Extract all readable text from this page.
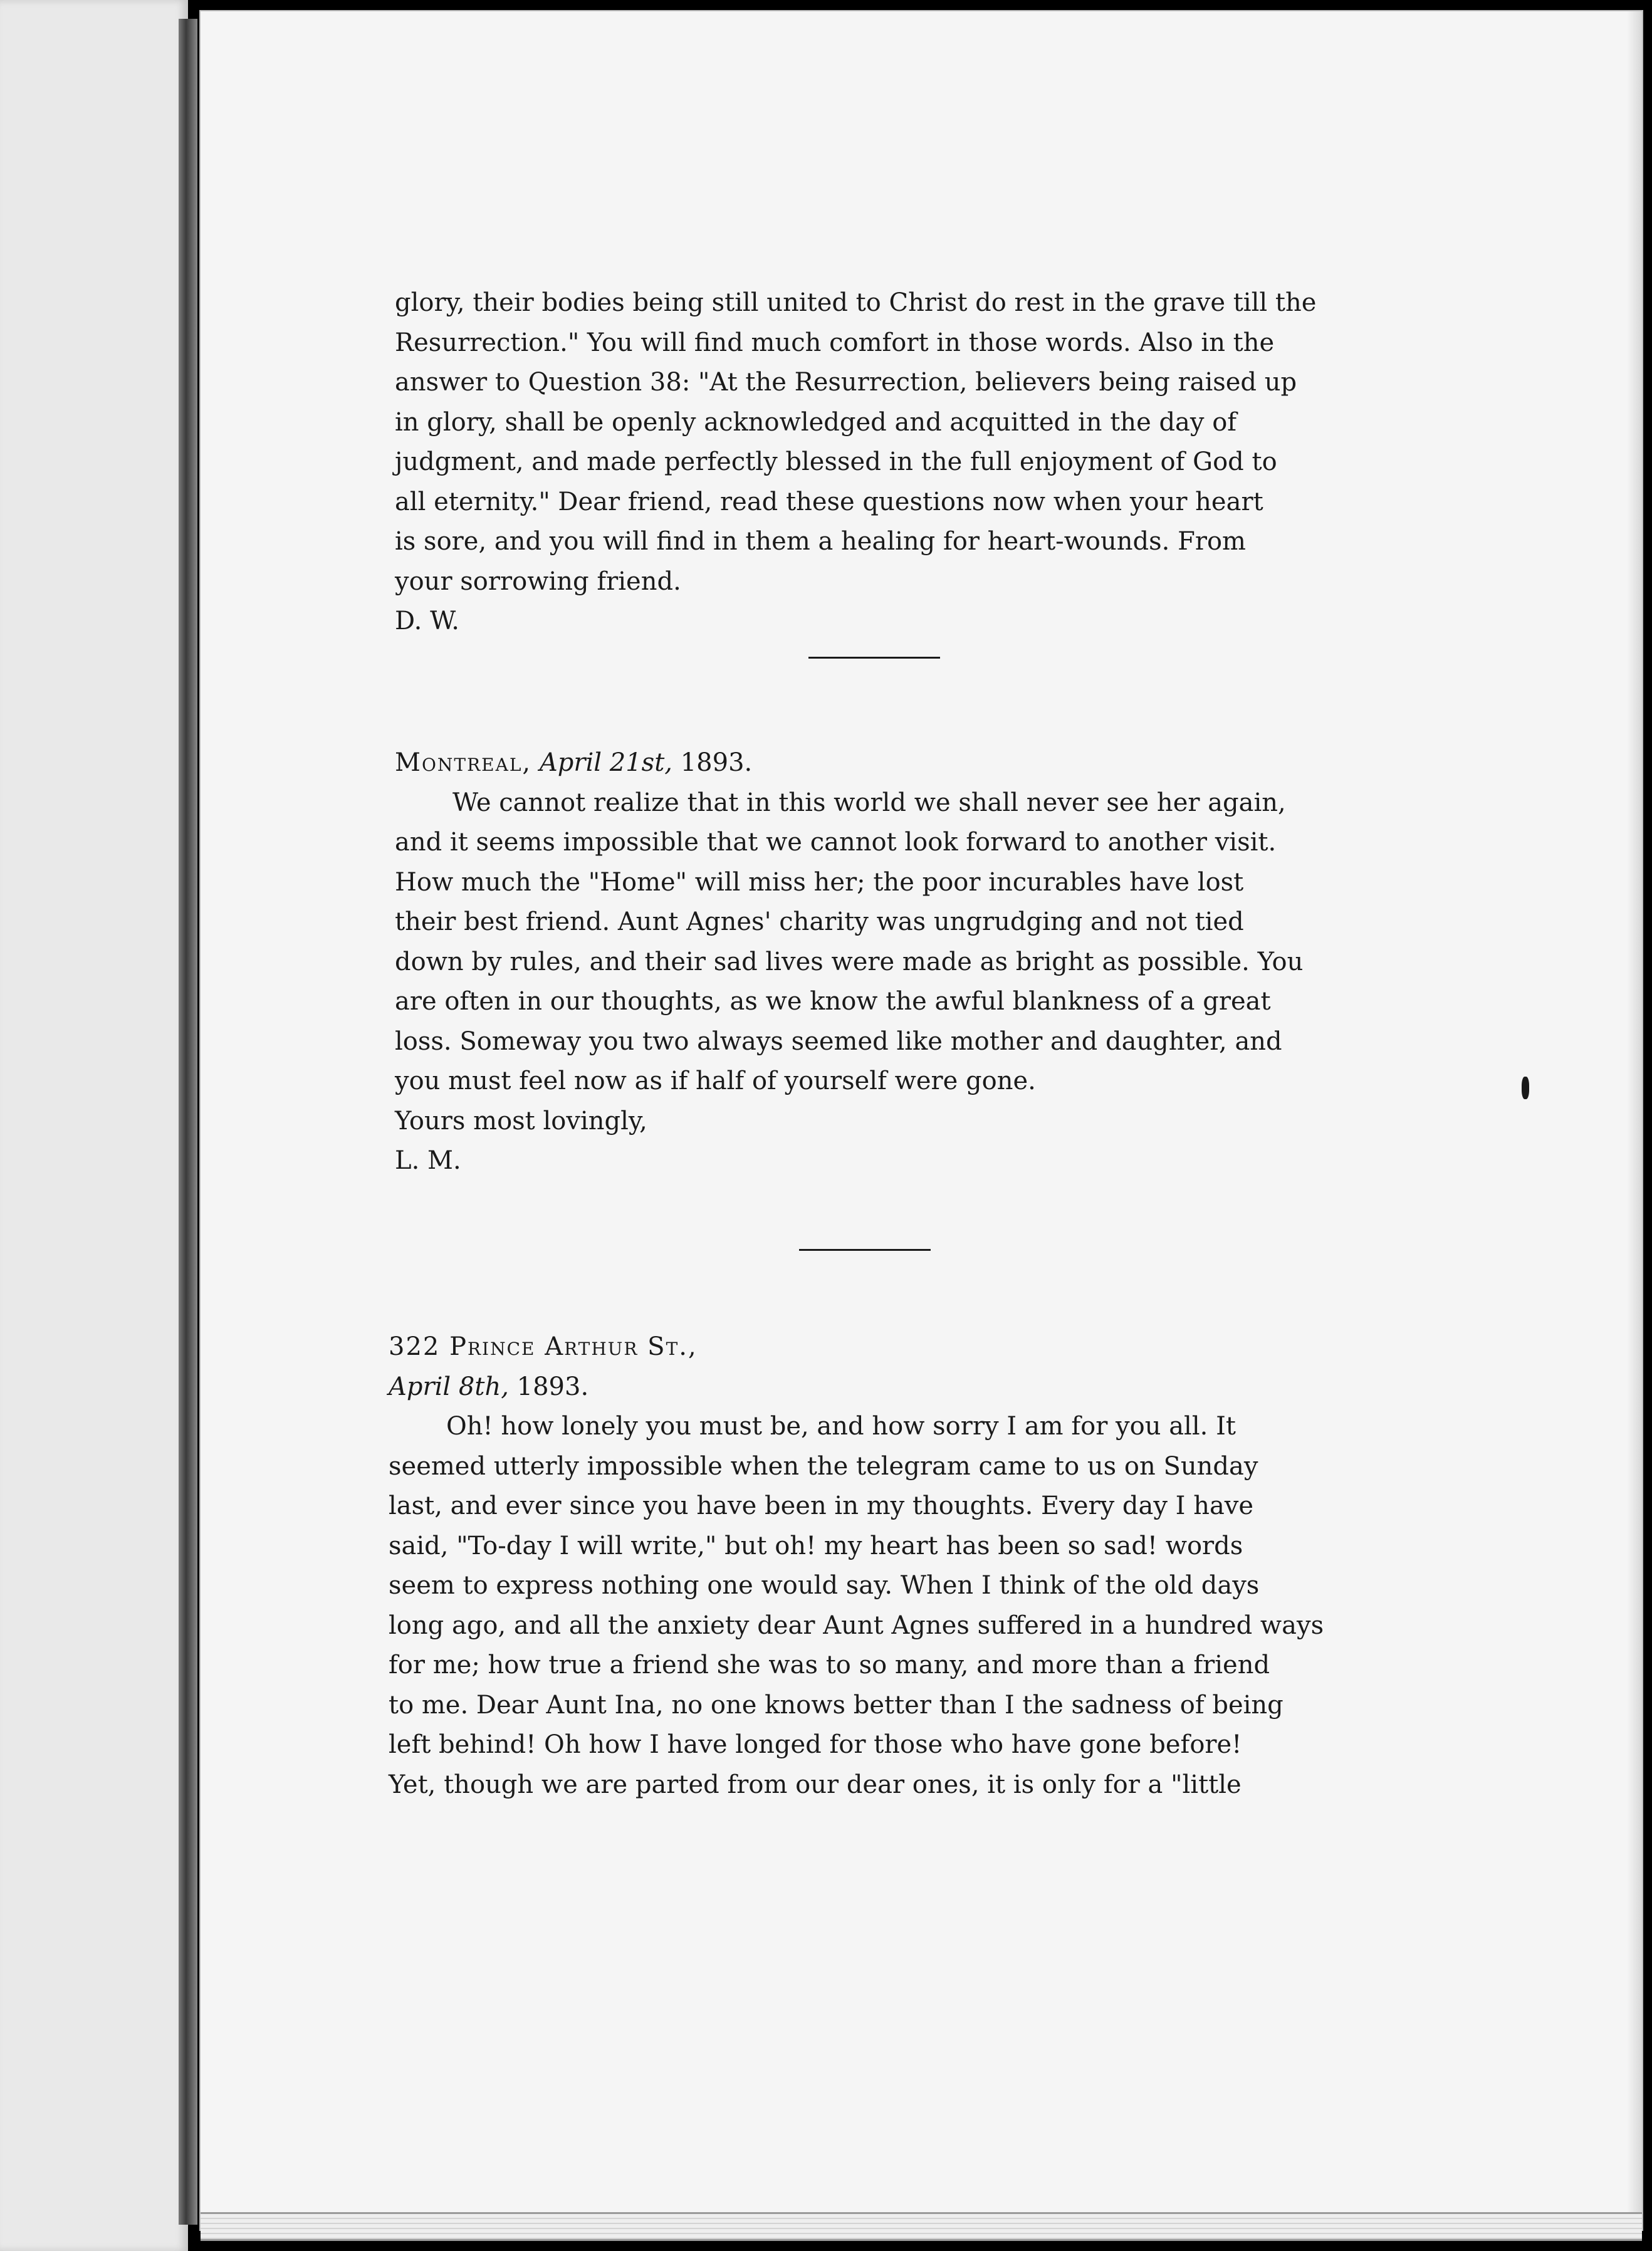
glory, their bodies being still united to Christ do rest in the grave till the

Resurrection." You will find much comfort in those words. Also in the

answer to Question 38: "At the Resurrection, believers being raised up

in glory, shall be openly acknowledged and acquitted in the day of

judgment, and made perfectly blessed in the full enjoyment of God to

all eternity." Dear friend, read these questions now when your heart

is sore, and you will find in them a healing for heart-wounds. From

your sorrowing friend.

D. W.

Montreal, April 21st, 1893.

We cannot realize that in this world we shall never see her again,

and it seems impossible that we cannot look forward to another visit.

How much the "Home" will miss her; the poor incurables have lost

their best friend. Aunt Agnes' charity was ungrudging and not tied

down by rules, and their sad lives were made as bright as possible. You

are often in our thoughts, as we know the awful blankness of a great

loss. Someway you two always seemed like mother and daughter, and

you must feel now as if half of yourself were gone.

Yours most lovingly,

L. M.

322 Prince Arthur St.,

April 8th, 1893.

Oh! how lonely you must be, and how sorry I am for you all. It

seemed utterly impossible when the telegram came to us on Sunday

last, and ever since you have been in my thoughts. Every day I have

said, "To-day I will write," but oh! my heart has been so sad! words

seem to express nothing one would say. When I think of the old days

long ago, and all the anxiety dear Aunt Agnes suffered in a hundred ways

for me; how true a friend she was to so many, and more than a friend

to me. Dear Aunt Ina, no one knows better than I the sadness of being

left behind! Oh how I have longed for those who have gone before!

Yet, though we are parted from our dear ones, it is only for a "little
